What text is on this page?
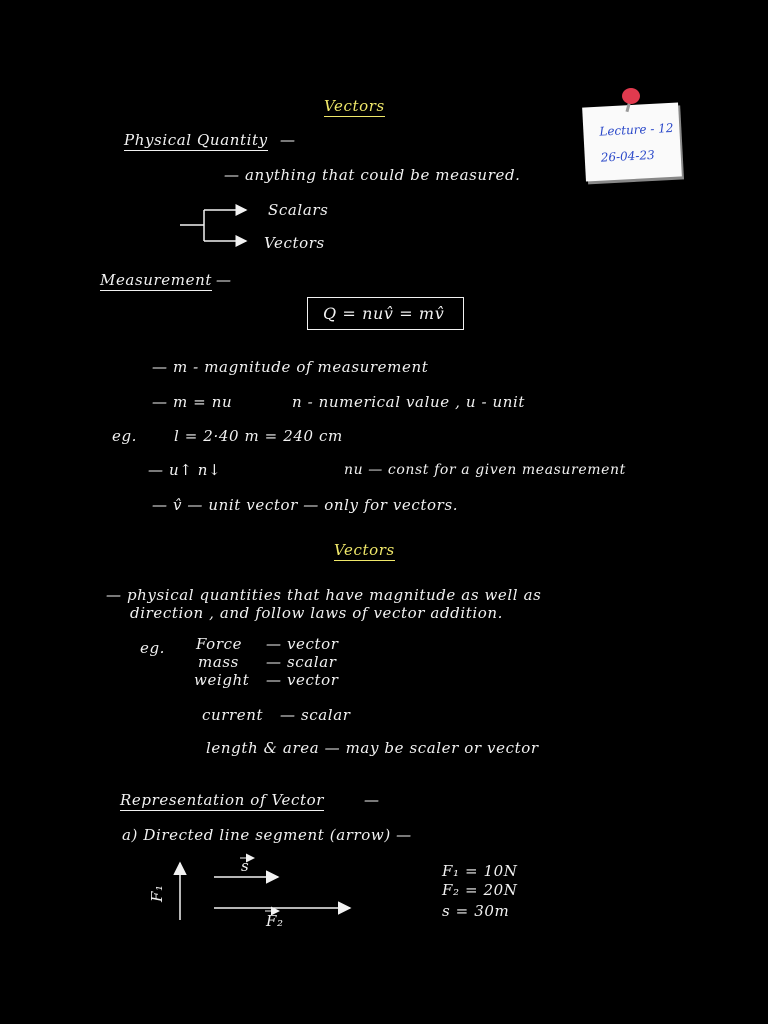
Vectors
Lecture - 12
26-04-23
Physical Quantity —
— anything that could be measured.
Scalars
Vectors
Measurement —
Q = nuv̂ = mv̂
— m - magnitude of measurement
— m = nu	n - numerical value , u - unit
eg. l = 2·40 m = 240 cm
— u↑ n↓	nu — const for a given measurement
— v̂ — unit vector — only for vectors.
Vectors
— physical quantities that have magnitude as well as
direction , and follow laws of vector addition.
eg. Force — vector
mass — scalar
weight — vector
current — scalar
length & area — may be scaler or vector
Representation of Vector	—
a) Directed line segment (arrow) —
F₁
s
F₂
F₁ = 10N
F₂ = 20N
s = 30m
